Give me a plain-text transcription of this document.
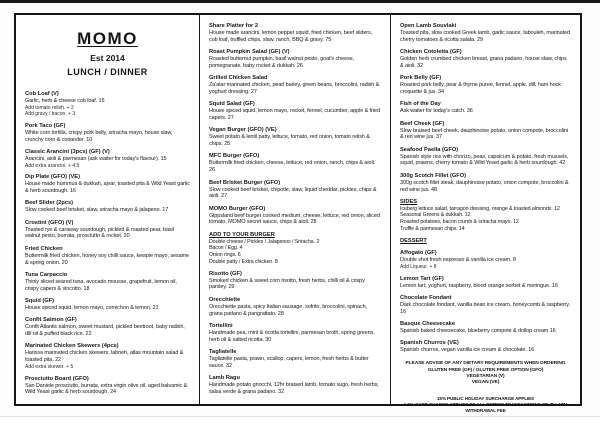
MOMO
Est 2014
LUNCH / DINNER
Cob Loaf (V)
Garlic, herb & cheese cob loaf. 15
Add tomato relish. + 2
Add gravy / bacon. + 3
Pork Taco (GF)
White corn tortilla, crispy pork belly, sriracha mayo, house slaw, crunchy corn & coriander. 10
Classic Arancini (3pcs) (GF) (V)
Arancini, aioli & parmesan (ask waiter for today's flavour). 15
Add extra arancini. + 4.5
Dip Plate (GFO) (VE)
House made hummus & dukkah, ajvar, toasted pita & Wild Yeast garlic & herb sourdough. 16
Beef Slider (2pcs)
Slow cooked beef brisket, slaw, sriracha mayo & jalapeno. 17
Crostini (GFO) (V)
Toasted rye & caraway sourdough, pickled & roasted pear, basil walnut pesto, burrata, prosciutto & rocket. 20
Fried Chicken
Buttermilk fried chicken, honey soy chilli sauce, kewpie mayo, sesame & spring onion. 20
Tuna Carpaccio
Thinly sliced seared tuna, avocado mousse, grapefruit, lemon oil, crispy capers & vincotto. 18
Squid (GF)
House spiced squid, lemon mayo, cornichon & lemon. 21
Confit Salmon (GF)
Confit Atlantic salmon, sweet mustard, pickled beetroot, baby radish, dill oil & puffed black rice. 22
Marinated Chicken Skewers (4pcs)
Harissa marinated chicken skewers, labneh, atlas mountain salad & toasted pita. 22
Add extra skewer. + 5
Prosciutto Board (GFO)
San Daniele prosciutto, burrata, extra virgin olive oil, aged balsamic & Wild Yeast garlic & herb sourdough. 24
Share Platter for 2
House made arancini, lemon pepper squid, fried chicken, beef sliders, cob loaf, truffled chips, slaw, ranch, BBQ & gravy. 75
Roast Pumpkin Salad (GF) (V)
Roasted butternut pumpkin, basil walnut pesto, goat's cheese, pomegranate, baby rocket & dukkah. 26
Grilled Chicken Salad
Za'atar marinated chicken, pearl barley, green beans, broccolini, radish & yoghurt dressing. 27
Squid Salad (GF)
House spiced squid, lemon mayo, rocket, fennel, cucumber, apple & fried capers. 27
Vegan Burger (GFO) (VE)
Sweet potato & lentil patty, lettuce, tomato, red onion, tomato relish & chips. 25
MFC Burger (GFO)
Buttermilk fried chicken, cheese, lettuce, red onion, ranch, chips & aioli. 26
Beef Brisket Burger (GFO)
Slow cooked beef brisket, chipotle, slaw, liquid cheddar, pickles, chips & aioli. 27
MOMO Burger (GFO)
Gippsland beef burger cooked medium, cheese, lettuce, red onion, sliced tomato, MOMO secret sauce, chips & aioli. 28
ADD TO YOUR BURGER
Double cheese / Pickles / Jalapenos / Sriracha. 2
Bacon / Egg. 4
Onion rings. 6
Double patty / Extra chicken. 8
Risotto (GF)
Smoked chicken & sweet corn risotto, fresh herbs, chilli oil & crispy parsley. 29
Orecchiette
Orecchiette pasta, spicy Italian sausage, sofrito, broccolini, spinach, grana padano & pangrattato. 28
Tortellini
Handmade pea, mint & ricotta tortellini, parmesan broth, spring greens, herb oil & salted ricotta. 30
Tagliatelle
Tagliatelle pasta, prawn, scallop, capers, lemon, fresh herbs & butter sauce. 32
Lamb Ragu
Handmade potato gnocchi, 12hr braised lamb, tomato sugo, fresh herbs, salsa verde & grana padano. 32
Open Lamb Souvlaki
Toasted pita, slow cooked Greek lamb, garlic sauce, tabouleh, marinated cherry tomatoes & ricotta salata. 29
Chicken Cotoletta (GF)
Golden herb crumbed chicken breast, grana padano, house slaw, chips & aioli. 32
Pork Belly (GF)
Roasted pork belly, pear & thyme puree, fennel, apple, dill, ham hock croquette & jus. 34
Fish of the Day
Ask waiter for today's catch. 36
Beef Cheek (GF)
Slow braised beef cheek, dauphinoise potato, onion compote, broccolini & red wine jus. 37
Seafood Paella (GFO)
Spanish style rice with chorizo, peas, capsicum & potato, fresh mussels, squid, prawns, cherry tomato & Wild Yeast garlic & herb sourdough. 42
300g Scotch Fillet (GFO)
300g scotch fillet steak, dauphinoise potato, onion compote, broccolini & red wine jus. 48
SIDES
Iceberg lettuce salad, tarragon dressing, orange & toasted almonds. 12
Seasonal Greens & dukkah. 12
Roasted potatoes, bacon crumb & sriracha mayo. 12
Truffle & parmesan chips. 14
DESSERT
Affogato (GF)
Double shot fresh espresso & vanilla ice cream. 8
Add Liqueur. + 8
Lemon Tart (GF)
Lemon tart, yoghurt, raspberry, blood orange sorbet & meringue. 16
Chocolate Fondant
Dark chocolate fondant, vanilla bean ice cream, honeycomb & raspberry. 16
Basque Cheesecake
Spanish baked cheesecake, blueberry compote & dollop cream 16
Spanish Churros (VE)
Spanish churros, vegan vanilla ice cream & chocolate. 16
PLEASE ADVISE OF ANY DIETARY REQUIREMENTS WHEN ORDERING
GLUTEN FREE (GF) / GLUTEN FREE OPTION (GFO)
VEGETARIAN (V)
VEGAN (VE)
15% PUBLIC HOLIDAY SURCHARGE APPLIES
1.5% CARD CHARGE APPLIES TO ALL EFTPOS TRANSACTIONS OR 75c ATM WITHDRAWAL FEE
